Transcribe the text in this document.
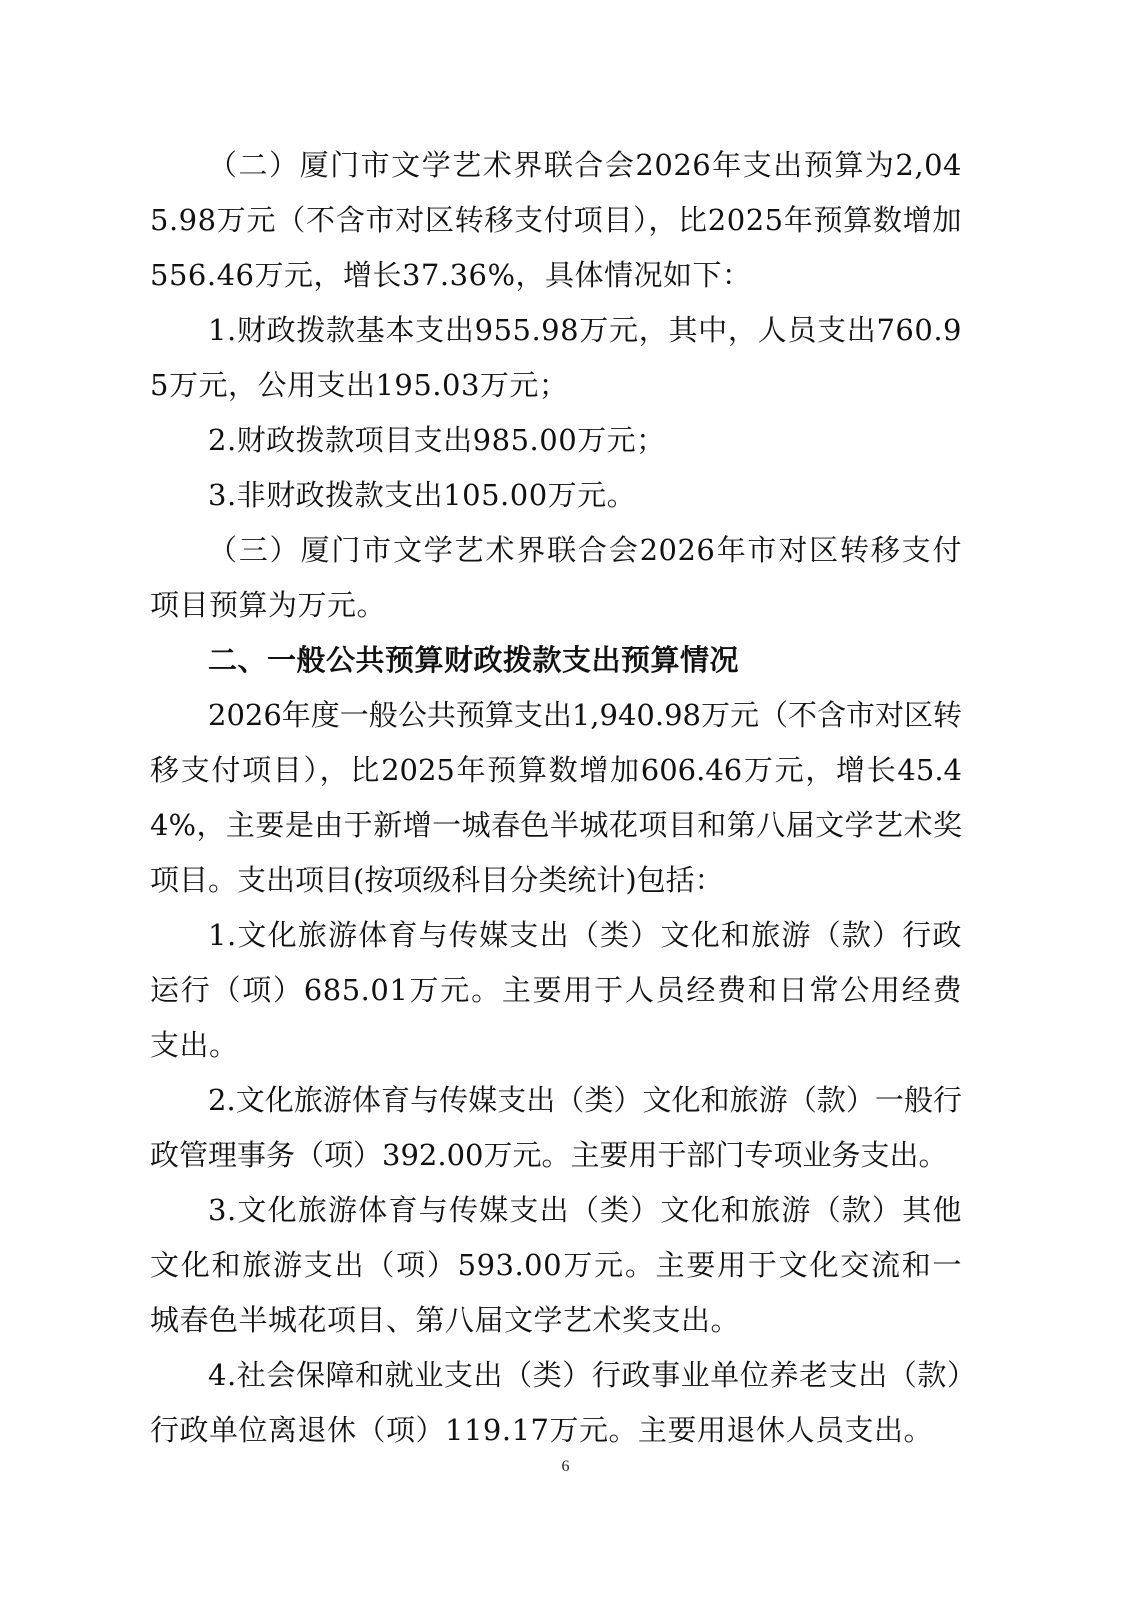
（二）厦门市文学艺术界联合会2026年支出预算为2,045.98万元（不含市对区转移支付项目），比2025年预算数增加556.46万元，增长37.36%，具体情况如下：

1.财政拨款基本支出955.98万元，其中，人员支出760.95万元，公用支出195.03万元；

2.财政拨款项目支出985.00万元；

3.非财政拨款支出105.00万元。

（三）厦门市文学艺术界联合会2026年市对区转移支付项目预算为万元。

二、一般公共预算财政拨款支出预算情况

2026年度一般公共预算支出1,940.98万元（不含市对区转移支付项目），比2025年预算数增加606.46万元，增长45.44%，主要是由于新增一城春色半城花项目和第八届文学艺术奖项目。支出项目(按项级科目分类统计)包括：

1.文化旅游体育与传媒支出（类）文化和旅游（款）行政运行（项）685.01万元。主要用于人员经费和日常公用经费支出。

2.文化旅游体育与传媒支出（类）文化和旅游（款）一般行政管理事务（项）392.00万元。主要用于部门专项业务支出。

3.文化旅游体育与传媒支出（类）文化和旅游（款）其他文化和旅游支出（项）593.00万元。主要用于文化交流和一城春色半城花项目、第八届文学艺术奖支出。

4.社会保障和就业支出（类）行政事业单位养老支出（款）行政单位离退休（项）119.17万元。主要用退休人员支出。

6
